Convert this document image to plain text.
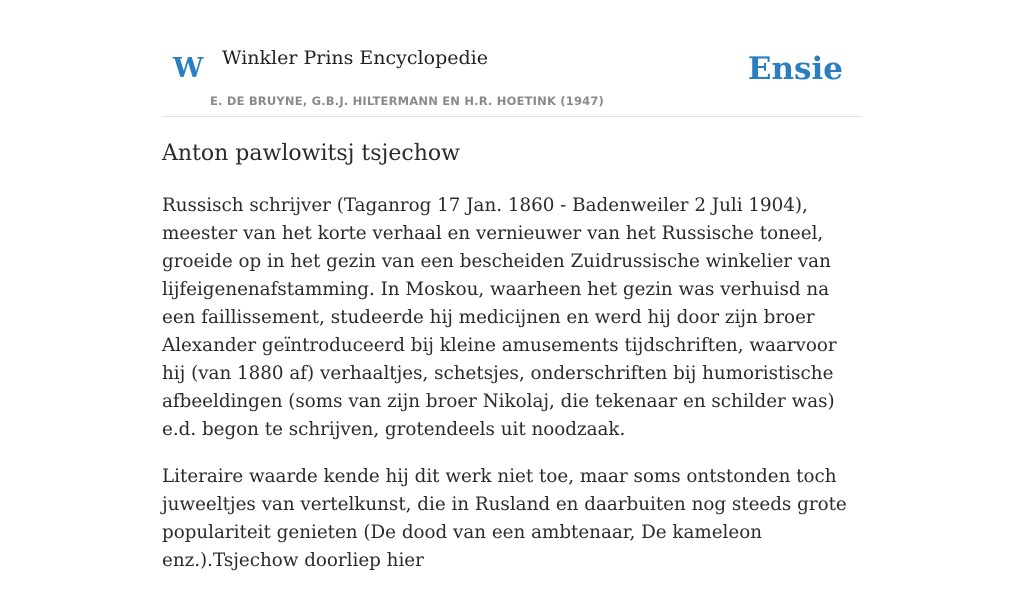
W Winkler Prins Encyclopedie
E. DE BRUYNE, G.B.J. HILTERMANN EN H.R. HOETINK (1947)
Ensie
Anton pawlowitsj tsjechow

Russisch schrijver (Taganrog 17 Jan. 1860 - Badenweiler 2 Juli 1904), meester van het korte verhaal en vernieuwer van het Russische toneel, groeide op in het gezin van een bescheiden Zuidrussische winkelier van lijfeigenenafstamming. In Moskou, waarheen het gezin was verhuisd na een faillissement, studeerde hij medicijnen en werd hij door zijn broer Alexander geïntroduceerd bij kleine amusements tijdschriften, waarvoor hij (van 1880 af) verhaaltjes, schetsjes, onderschriften bij humoristische afbeeldingen (soms van zijn broer Nikolaj, die tekenaar en schilder was) e.d. begon te schrijven, grotendeels uit noodzaak.

Literaire waarde kende hij dit werk niet toe, maar soms ontstonden toch juweeltjes van vertelkunst, die in Rusland en daarbuiten nog steeds grote populariteit genieten (De dood van een ambtenaar, De kameleon enz.).Tsjechow doorliep hier
